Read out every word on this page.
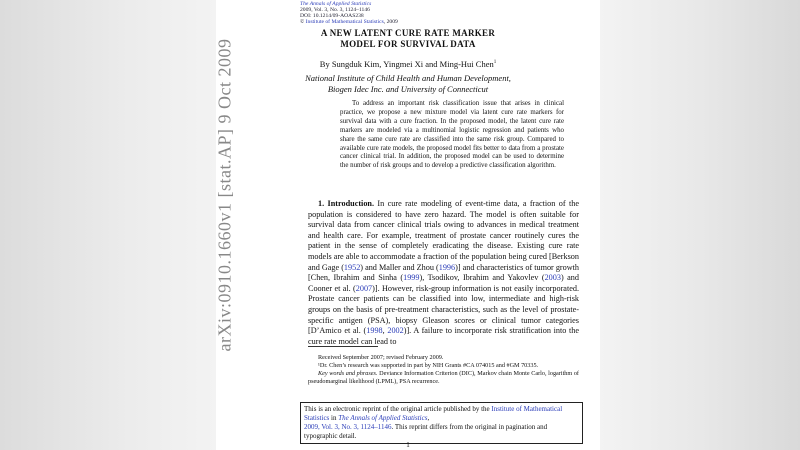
The Annals of Applied Statistics
2009, Vol. 3, No. 3, 1124–1146
DOI: 10.1214/09-AOAS238
© Institute of Mathematical Statistics, 2009
A NEW LATENT CURE RATE MARKER
MODEL FOR SURVIVAL DATA
By Sungduk Kim, Yingmei Xi and Ming-Hui Chen$^1$
National Institute of Child Health and Human Development,
Biogen Idec Inc. and University of Connecticut
To address an important risk classification issue that arises in clinical practice, we propose a new mixture model via latent cure rate markers for survival data with a cure fraction. In the proposed model, the latent cure rate markers are modeled via a multinomial logistic regression and patients who share the same cure rate are classified into the same risk group. Compared to available cure rate models, the proposed model fits better to data from a prostate cancer clinical trial. In addition, the proposed model can be used to determine the number of risk groups and to develop a predictive classification algorithm.
1. Introduction. In cure rate modeling of event-time data, a fraction of the population is considered to have zero hazard. The model is often suitable for survival data from cancer clinical trials owing to advances in medical treatment and health care. For example, treatment of prostate cancer routinely cures the patient in the sense of completely eradicating the disease. Existing cure rate models are able to accommodate a fraction of the population being cured [Berkson and Gage (1952) and Maller and Zhou (1996)] and characteristics of tumor growth [Chen, Ibrahim and Sinha (1999), Tsodikov, Ibrahim and Yakovlev (2003) and Cooner et al. (2007)]. However, risk-group information is not easily incorporated. Prostate cancer patients can be classified into low, intermediate and high-risk groups on the basis of pre-treatment characteristics, such as the level of prostate-specific antigen (PSA), biopsy Gleason scores or clinical tumor categories [D’Amico et al. (1998, 2002)]. A failure to incorporate risk stratification into the cure rate model can lead to

Received September 2007; revised February 2009.

¹Dr. Chen’s research was supported in part by NIH Grants #CA 074015 and #GM 70335.

Key words and phrases. Deviance Information Criterion (DIC), Markov chain Monte Carlo, logarithm of pseudomarginal likelihood (LPML), PSA recurrence.

This is an electronic reprint of the original article published by the Institute of Mathematical Statistics in The Annals of Applied Statistics,
2009, Vol. 3, No. 3, 1124–1146. This reprint differs from the original in pagination and typographic detail.
1
arXiv:0910.1660v1 [stat.AP] 9 Oct 2009
